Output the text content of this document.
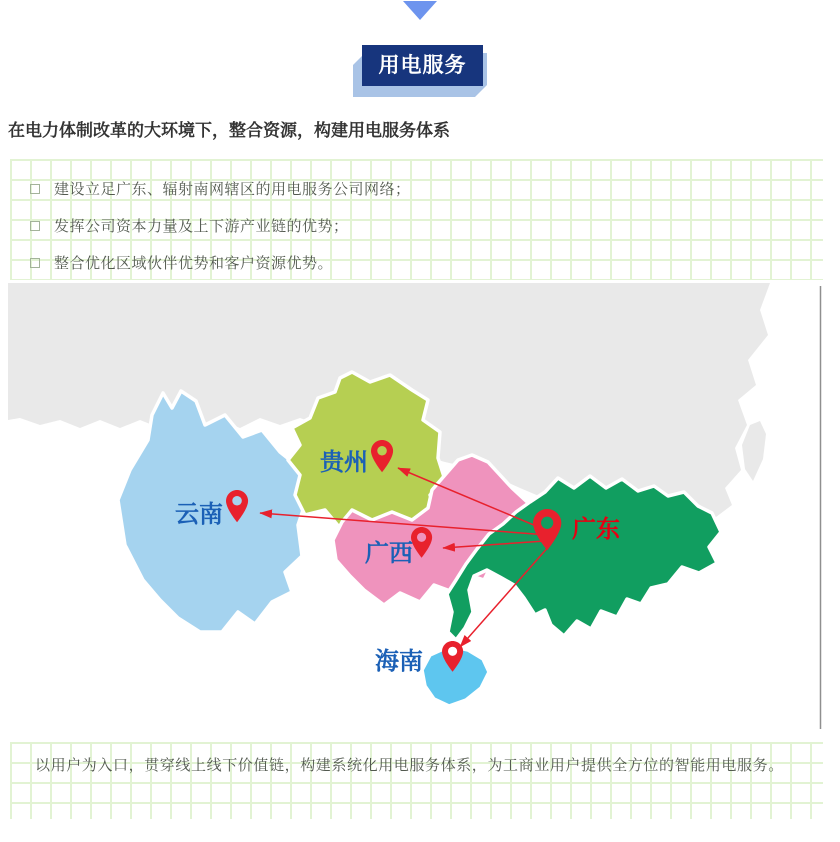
用电服务
在电力体制改革的大环境下，整合资源，构建用电服务体系
建设立足广东、辐射南网辖区的用电服务公司网络；
发挥公司资本力量及上下游产业链的优势；
整合优化区域伙伴优势和客户资源优势。
云南
贵州
广西
广东
海南

以用户为入口，贯穿线上线下价值链，构建系统化用电服务体系，为工商业用户提供全方位的智能用电服务。
